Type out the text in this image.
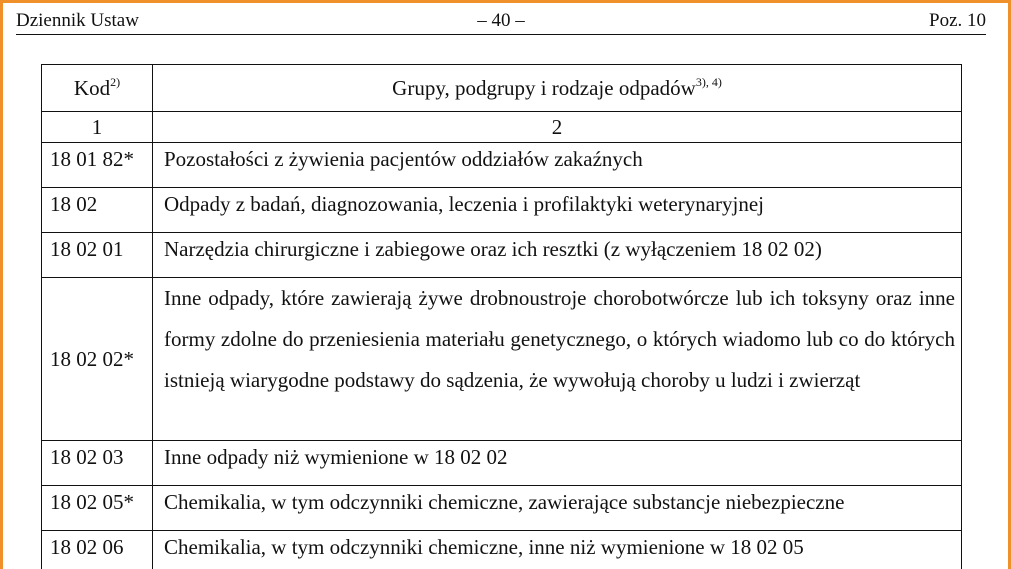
Dziennik Ustaw	– 40 –	Poz. 10
Kod$^{2)}$	Grupy, podgrupy i rodzaje odpadów$^{3), 4)}$
1	2
18 01 82*	Pozostałości z żywienia pacjentów oddziałów zakaźnych
18 02	Odpady z badań, diagnozowania, leczenia i profilaktyki weterynaryjnej
18 02 01	Narzędzia chirurgiczne i zabiegowe oraz ich resztki (z wyłączeniem 18 02 02)
18 02 02*	Inne odpady, które zawierają żywe drobnoustroje chorobotwórcze lub ich toksyny oraz inne formy zdolne do przeniesienia materiału genetycznego, o których wiadomo lub co do których istnieją wiarygodne podstawy do sądzenia, że wywołują choroby u ludzi i zwierząt
18 02 03	Inne odpady niż wymienione w 18 02 02
18 02 05*	Chemikalia, w tym odczynniki chemiczne, zawierające substancje niebezpieczne
18 02 06	Chemikalia, w tym odczynniki chemiczne, inne niż wymienione w 18 02 05
